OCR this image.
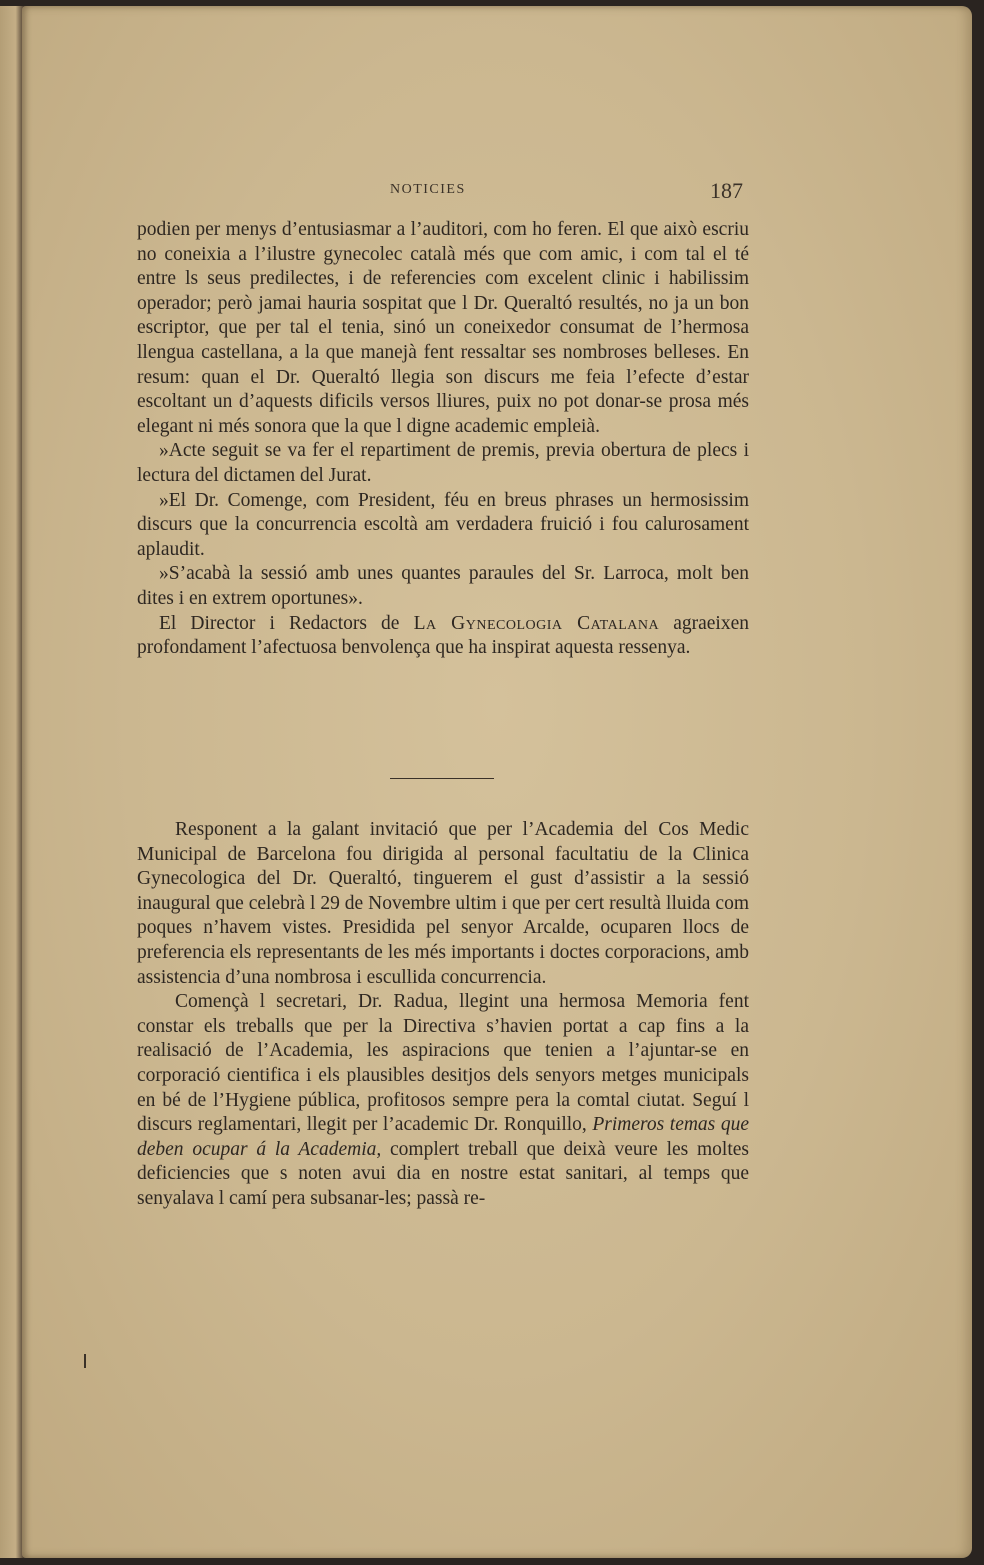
NOTICIES	187

podien per menys d’entusiasmar a l’auditori, com ho feren. El que això escriu no coneixia a l’ilustre gynecolec català més que com amic, i com tal el té entre ls seus predilectes, i de referencies com excelent clinic i habilissim operador; però jamai hauria sospitat que l Dr. Queraltó resultés, no ja un bon escriptor, que per tal el tenia, sinó un coneixedor consumat de l’hermosa llengua castellana, a la que manejà fent ressaltar ses nombroses belleses. En resum: quan el Dr. Queraltó llegia son discurs me feia l’efecte d’estar escoltant un d’aquests dificils versos lliures, puix no pot donar-se prosa més elegant ni més sonora que la que l digne academic empleià.

»Acte seguit se va fer el repartiment de premis, previa obertura de plecs i lectura del dictamen del Jurat.

»El Dr. Comenge, com President, féu en breus phrases un hermosissim discurs que la concurrencia escoltà am verdadera fruició i fou calurosament aplaudit.

»S’acabà la sessió amb unes quantes paraules del Sr. Larroca, molt ben dites i en extrem oportunes».

El Director i Redactors de La Gynecologia Catalana agraeixen profondament l’afectuosa benvolença que ha inspirat aquesta ressenya.

Responent a la galant invitació que per l’Academia del Cos Medic Municipal de Barcelona fou dirigida al personal facultatiu de la Clinica Gynecologica del Dr. Queraltó, tinguerem el gust d’assistir a la sessió inaugural que celebrà l 29 de Novembre ultim i que per cert resultà lluida com poques n’havem vistes. Presidida pel senyor Arcalde, ocuparen llocs de preferencia els representants de les més importants i doctes corporacions, amb assistencia d’una nombrosa i escullida concurrencia.

Començà l secretari, Dr. Radua, llegint una hermosa Memoria fent constar els treballs que per la Directiva s’havien portat a cap fins a la realisació de l’Academia, les aspiracions que tenien a l’ajuntar-se en corporació cientifica i els plausibles desitjos dels senyors metges municipals en bé de l’Hygiene pública, profitosos sempre pera la comtal ciutat. Seguí l discurs reglamentari, llegit per l’academic Dr. Ronquillo, Primeros temas que deben ocupar á la Academia, complert treball que deixà veure les moltes deficiencies que s noten avui dia en nostre estat sanitari, al temps que senyalava l camí pera subsanar-les; passà re-
